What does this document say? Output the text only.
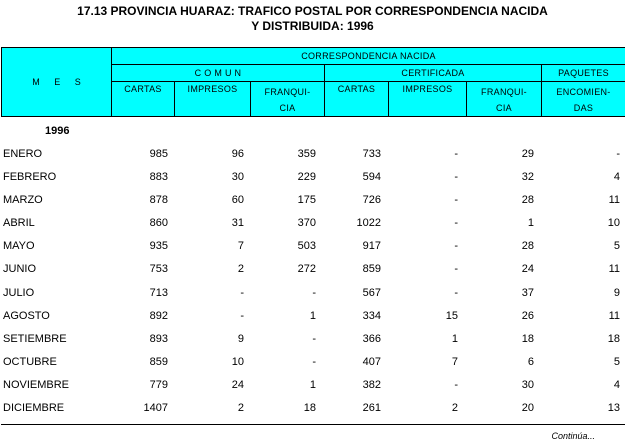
17.13 PROVINCIA HUARAZ: TRAFICO POSTAL POR CORRESPONDENCIA NACIDA
Y DISTRIBUIDA: 1996
M E S	CORRESPONDENCIA NACIDA						
	C O M U N			CERTIFICADA			PAQUETES
	CARTAS	IMPRESOS	FRANQUI-
CIA	CARTAS	IMPRESOS	FRANQUI-
CIA	ENCOMIEN-
DAS
1996
ENERO	985	96	359	733	-	29	-
FEBRERO	883	30	229	594	-	32	4
MARZO	878	60	175	726	-	28	11
ABRIL	860	31	370	1022	-	1	10
MAYO	935	7	503	917	-	28	5
JUNIO	753	2	272	859	-	24	11
JULIO	713	-	-	567	-	37	9
AGOSTO	892	-	1	334	15	26	11
SETIEMBRE	893	9	-	366	1	18	18
OCTUBRE	859	10	-	407	7	6	5
NOVIEMBRE	779	24	1	382	-	30	4
DICIEMBRE	1407	2	18	261	2	20	13
Continúa...
